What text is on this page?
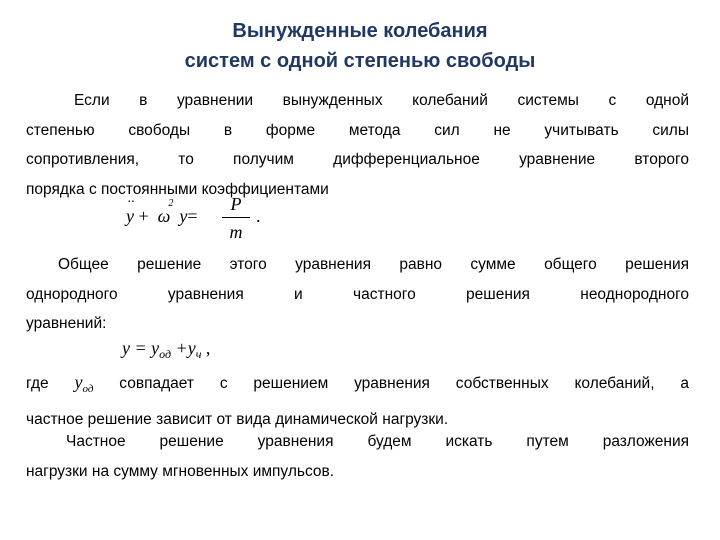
Вынужденные колебания
систем с одной степенью свободы
Если в уравнении вынужденных колебаний системы с одной
степенью свободы в форме метода сил не учитывать силы
сопротивления, то получим дифференциальное уравнение второго
порядка с постоянными коэффициентами
·· y + ω
2
y=
P
m
.
Общее решение этого уравнения равно сумме общего решения
однородного уравнения и частного решения неоднородного
уравнений:
$y = y_{од} +y_ч$ ,
где $y_{од}$ совпадает с решением уравнения собственных колебаний, а
частное решение зависит от вида динамической нагрузки.
Частное решение уравнения будем искать путем разложения
нагрузки на сумму мгновенных импульсов.
